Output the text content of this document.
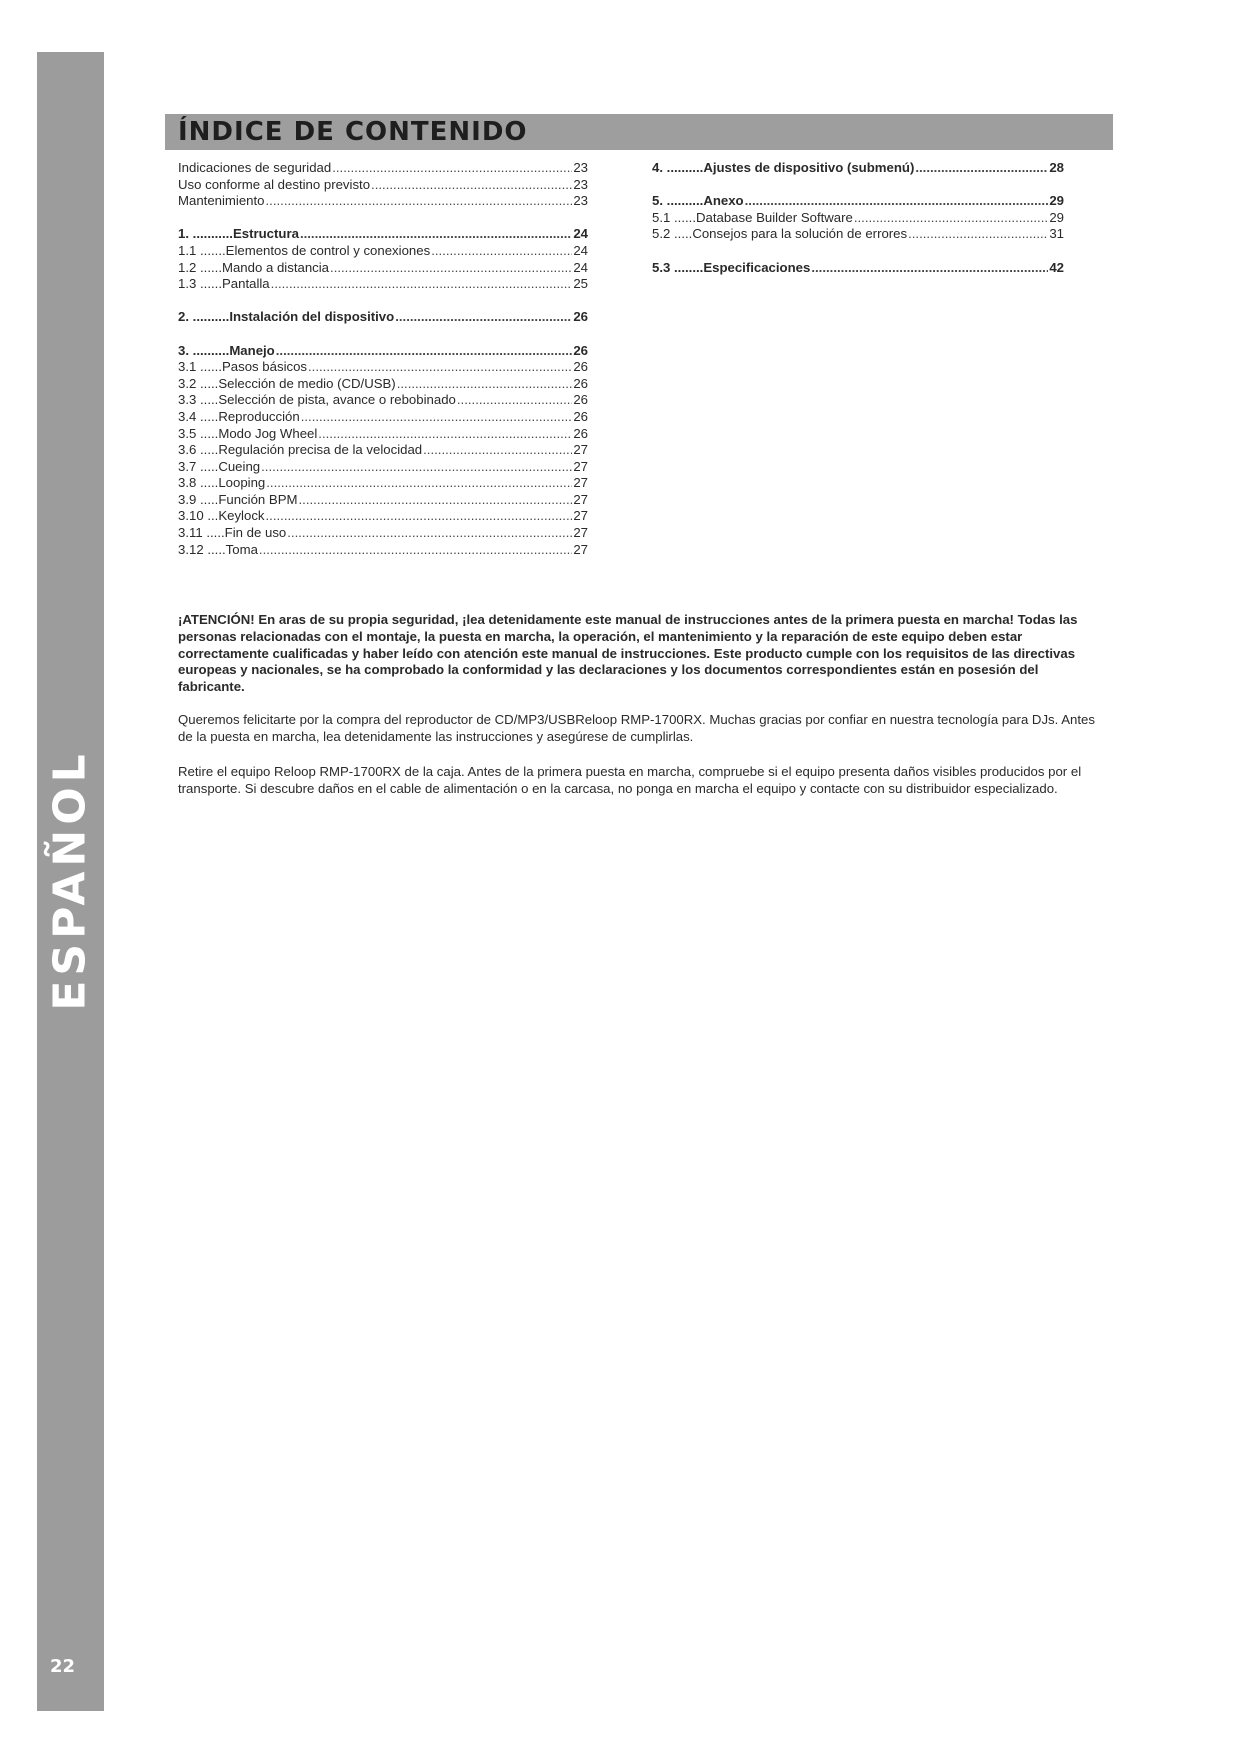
ESPAÑOL
22
ÍNDICE DE CONTENIDO
Indicaciones de seguridad .....	23
Uso conforme al destino previsto .....	23
Mantenimiento .....	23
1. ........... Estructura .....	24
1.1 ....... Elementos de control y conexiones .....	24
1.2 ...... Mando a distancia .....	24
1.3 ...... Pantalla .....	25
2. .......... Instalación del dispositivo .....	26
3. .......... Manejo .....	26
3.1 ...... Pasos básicos .....	26
3.2 ..... Selección de medio (CD/USB) .....	26
3.3 ..... Selección de pista, avance o rebobinado .....	26
3.4 ..... Reproducción .....	26
3.5 ..... Modo Jog Wheel .....	26
3.6 ..... Regulación precisa de la velocidad .....	27
3.7 ..... Cueing .....	27
3.8 ..... Looping .....	27
3.9 ..... Función BPM .....	27
3.10 ... Keylock .....	27
3.11 ..... Fin de uso .....	27
3.12 ..... Toma .....	27
4. .......... Ajustes de dispositivo (submenú) .....	28
5. .......... Anexo .....	29
5.1 ...... Database Builder Software .....	29
5.2 ..... Consejos para la solución de errores .....	31
5.3 ........ Especificaciones .....	42
¡ATENCIÓN! En aras de su propia seguridad, ¡lea detenidamente este manual de instrucciones antes de la primera puesta en marcha! Todas las personas relacionadas con el montaje, la puesta en marcha, la operación, el mantenimiento y la reparación de este equipo deben estar correctamente cualificadas y haber leído con atención este manual de instrucciones. Este producto cumple con los requisitos de las directivas europeas y nacionales, se ha comprobado la conformidad y las declaraciones y los documentos correspondientes están en posesión del fabricante.
Queremos felicitarte por la compra del reproductor de CD/MP3/USBReloop RMP-1700RX. Muchas gracias por confiar en nuestra tecnología para DJs. Antes de la puesta en marcha, lea detenidamente las instrucciones y asegúrese de cumplirlas.
Retire el equipo Reloop RMP-1700RX de la caja. Antes de la primera puesta en marcha, compruebe si el equipo presenta daños visibles producidos por el transporte. Si descubre daños en el cable de alimentación o en la carcasa, no ponga en marcha el equipo y contacte con su distribuidor especializado.
